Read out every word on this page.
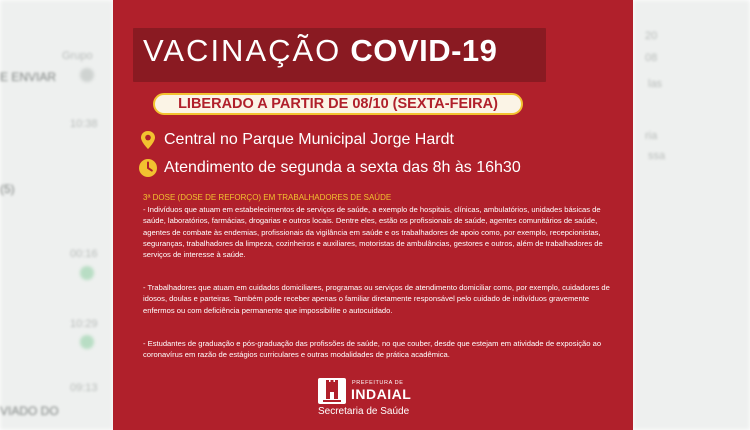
Grupo
E ENVIAR
10:38
(5)
00:16
10:29
09:13
VIADO DO
20
08
las
ria
ssa
VACINAÇÃO COVID-19
LIBERADO A PARTIR DE 08/10 (SEXTA-FEIRA)
Central no Parque Municipal Jorge Hardt
Atendimento de segunda a sexta das 8h às 16h30
3ª DOSE (DOSE DE REFORÇO) EM TRABALHADORES DE SAÚDE

- Indivíduos que atuam em estabelecimentos de serviços de saúde, a exemplo de hospitais, clínicas, ambulatórios, unidades básicas de saúde, laboratórios, farmácias, drogarias e outros locais. Dentre eles, estão os profissionais de saúde, agentes comunitários de saúde, agentes de combate às endemias, profissionais da vigilância em saúde e os trabalhadores de apoio como, por exemplo, recepcionistas, seguranças, trabalhadores da limpeza, cozinheiros e auxiliares, motoristas de ambulâncias, gestores e outros, além de trabalhadores de serviços de interesse à saúde.

- Trabalhadores que atuam em cuidados domiciliares, programas ou serviços de atendimento domiciliar como, por exemplo, cuidadores de idosos, doulas e parteiras. Também pode receber apenas o familiar diretamente responsável pelo cuidado de indivíduos gravemente enfermos ou com deficiência permanente que impossibilite o autocuidado.

- Estudantes de graduação e pós-graduação das profissões de saúde, no que couber, desde que estejam em atividade de exposição ao coronavírus em razão de estágios curriculares e outras modalidades de prática acadêmica.

PREFEITURA DE
INDAIAL
Secretaria de Saúde
